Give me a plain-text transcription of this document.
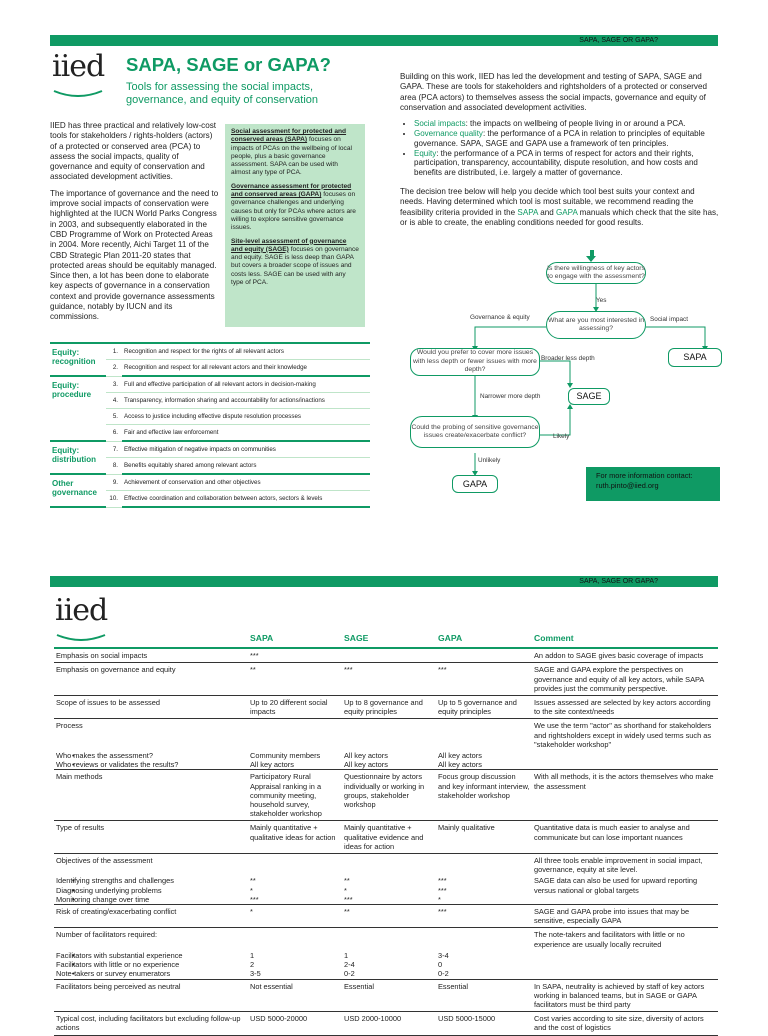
SAPA, SAGE OR GAPA?
iied SAPA, SAGE or GAPA?
Tools for assessing the social impacts, governance, and equity of conservation

IIED has three practical and relatively low-cost tools for stakeholders / rights-holders (actors) of a protected or conserved area (PCA) to assess the social impacts, quality of governance and equity of conservation and associated development activities.

The importance of governance and the need to improve social impacts of conservation were highlighted at the IUCN World Parks Congress in 2003, and subsequently elaborated in the CBD Programme of Work on Protected Areas in 2004. More recently, Aichi Target 11 of the CBD Strategic Plan 2011-20 states that protected areas should be equitably managed. Since then, a lot has been done to elaborate key aspects of governance in a conservation context and provide governance assessments guidance, notably by IUCN and its commissions.

Social assessment for protected and conserved areas (SAPA) focuses on impacts of PCAs on the wellbeing of local people, plus a basic governance assessment. SAPA can be used with almost any type of PCA.

Governance assessment for protected and conserved areas (GAPA) focuses on governance challenges and underlying causes but only for PCAs where actors are willing to explore sensitive governance issues.

Site-level assessment of governance and equity (SAGE) focuses on governance and equity. SAGE is less deep than GAPA but covers a broader scope of issues and costs less. SAGE can be used with any type of PCA.

Equity: recognition	1.	Recognition and respect for the rights of all relevant actors
	2.	Recognition and respect for all relevant actors and their knowledge
Equity: procedure	3.	Full and effective participation of all relevant actors in decision-making
	4.	Transparency, information sharing and accountability for actions/inactions
	5.	Access to justice including effective dispute resolution processes
	6.	Fair and effective law enforcement
Equity: distribution	7.	Effective mitigation of negative impacts on communities
	8.	Benefits equitably shared among relevant actors
Other governance	9.	Achievement of conservation and other objectives
	10.	Effective coordination and collaboration between actors, sectors & levels

Building on this work, IIED has led the development and testing of SAPA, SAGE and GAPA. These are tools for stakeholders and rightsholders of a protected or conserved area (PCA actors) to themselves assess the social impacts, governance and equity of conservation and associated development activities.

• Social impacts: the impacts on wellbeing of people living in or around a PCA.
• Governance quality: the performance of a PCA in relation to principles of equitable governance. SAPA, SAGE and GAPA use a framework of ten principles.
• Equity: the performance of a PCA in terms of respect for actors and their rights, participation, transparency, accountability, dispute resolution, and how costs and benefits are distributed, i.e. largely a matter of governance.

The decision tree below will help you decide which tool best suits your context and needs. Having determined which tool is most suitable, we recommend reading the feasibility criteria provided in the SAPA and GAPA manuals which check that the site has, or is able to create, the enabling conditions needed for good results.

Is there willingness of key actors to engage with the assessment?
Yes
What are you most interested in assessing?
Governance & equity	Social impact
SAPA
Would you prefer to cover more issues with less depth or fewer issues with more depth?
Broader less depth
SAGE
Narrower more depth
Could the probing of sensitive governance issues create/exacerbate conflict?	Likely
Unlikely
GAPA
For more information contact:
ruth.pinto@iied.org
SAPA, SAGE OR GAPA?
iied
	SAPA	SAGE	GAPA	Comment
Emphasis on social impacts	***			An addon to SAGE gives basic coverage of impacts
Emphasis on governance and equity	**	***	***	SAGE and GAPA explore the perspectives on governance and equity of all key actors, while SAPA provides just the community perspective.
Scope of issues to be assessed	Up to 20 different social impacts	Up to 8 governance and equity principles	Up to 5 governance and equity principles	Issues assessed are selected by key actors according to the site context/needs
Process				We use the term "actor" as shorthand for stakeholders and rightsholders except in widely used terms such as "stakeholder workshop"
• Who makes the assessment?	Community members	All key actors	All key actors	
• Who reviews or validates the results?	All key actors	All key actors	All key actors	
Main methods	Participatory Rural Appraisal ranking in a community meeting, household survey, stakeholder workshop	Questionnaire by actors individually or working in groups, stakeholder workshop	Focus group discussion and key informant interview, stakeholder workshop	With all methods, it is the actors themselves who make the assessment
Type of results	Mainly quantitative + qualitative ideas for action	Mainly quantitative + qualitative evidence and ideas for action	Mainly qualitative	Quantitative data is much easier to analyse and communicate but can lose important nuances
Objectives of the assessment				All three tools enable improvement in social impact, governance, equity at site level.
• Identifying strengths and challenges	**	**	***	SAGE data can also be used for upward reporting
• Diagnosing underlying problems	*	*	***	versus national or global targets
• Monitoring change over time	***	***	*	
Risk of creating/exacerbating conflict	*	**	***	SAGE and GAPA probe into issues that may be sensitive, especially GAPA
Number of facilitators required:				The note-takers and facilitators with little or no experience are usually locally recruited
• Facilitators with substantial experience	1	1	3-4	
• Facilitators with little or no experience	2	2-4	0	
• Note-takers or survey enumerators	3-5	0-2	0-2	
Facilitators being perceived as neutral	Not essential	Essential	Essential	In SAPA, neutrality is achieved by staff of key actors working in balanced teams, but in SAGE or GAPA facilitators must be third party
Typical cost, including facilitators but excluding follow-up actions	USD 5000-20000	USD 2000-10000	USD 5000-15000	Cost varies according to site size, diversity of actors and the cost of logistics
